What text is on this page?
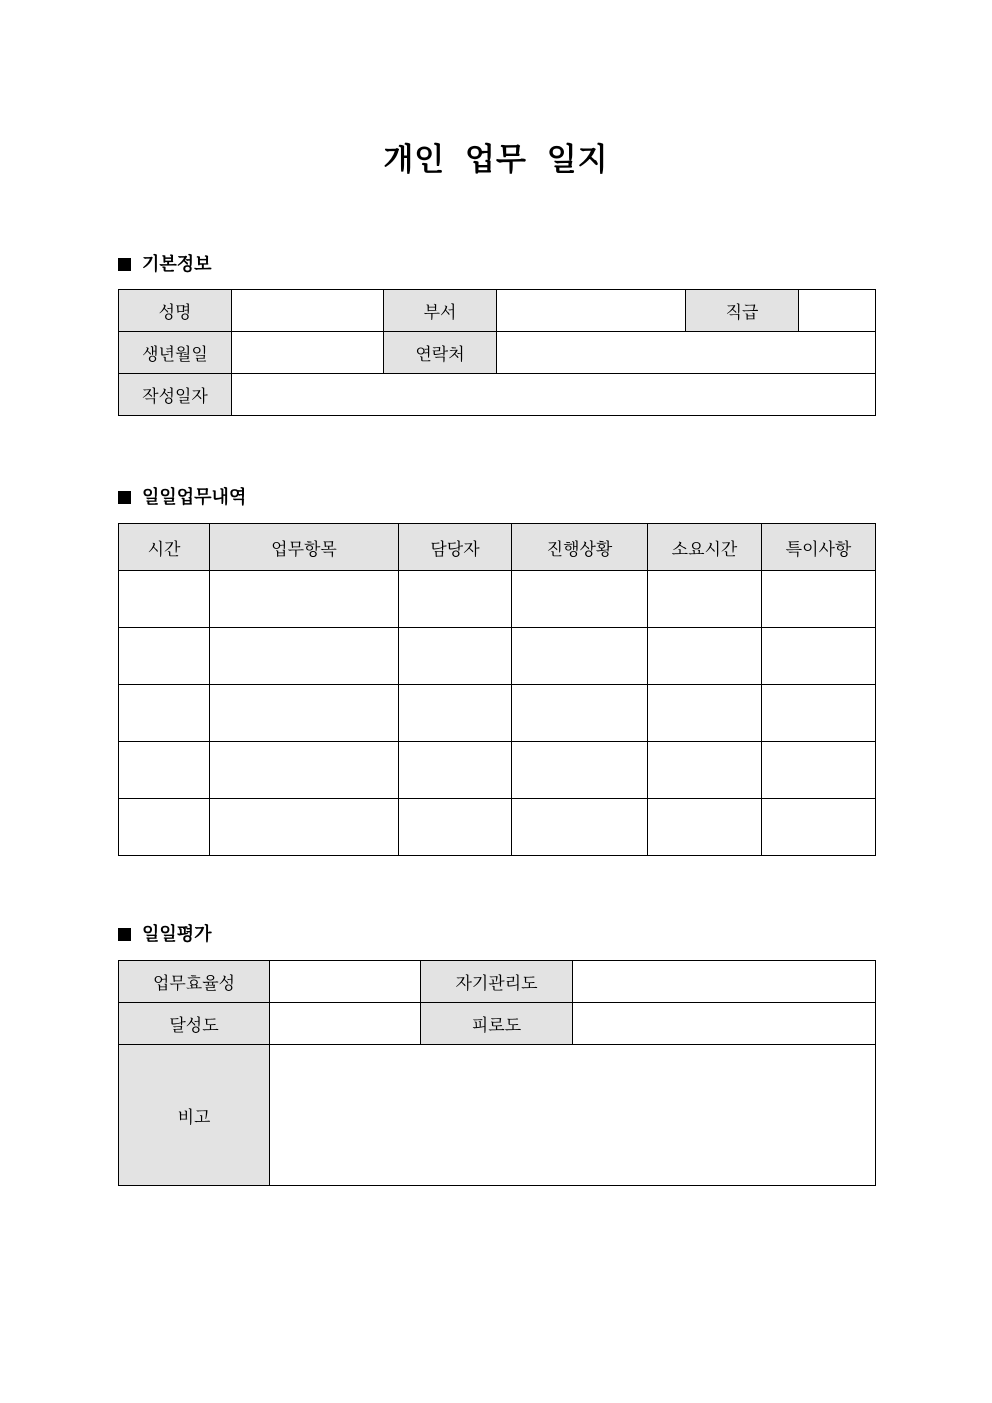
개인 업무 일지
기본정보
성명		부서		직급	
생년월일		연락처			
작성일자					
일일업무내역
시간	업무항목	담당자	진행상황	소요시간	특이사항

일일평가
업무효율성		자기관리도	
달성도		피로도	
비고			
